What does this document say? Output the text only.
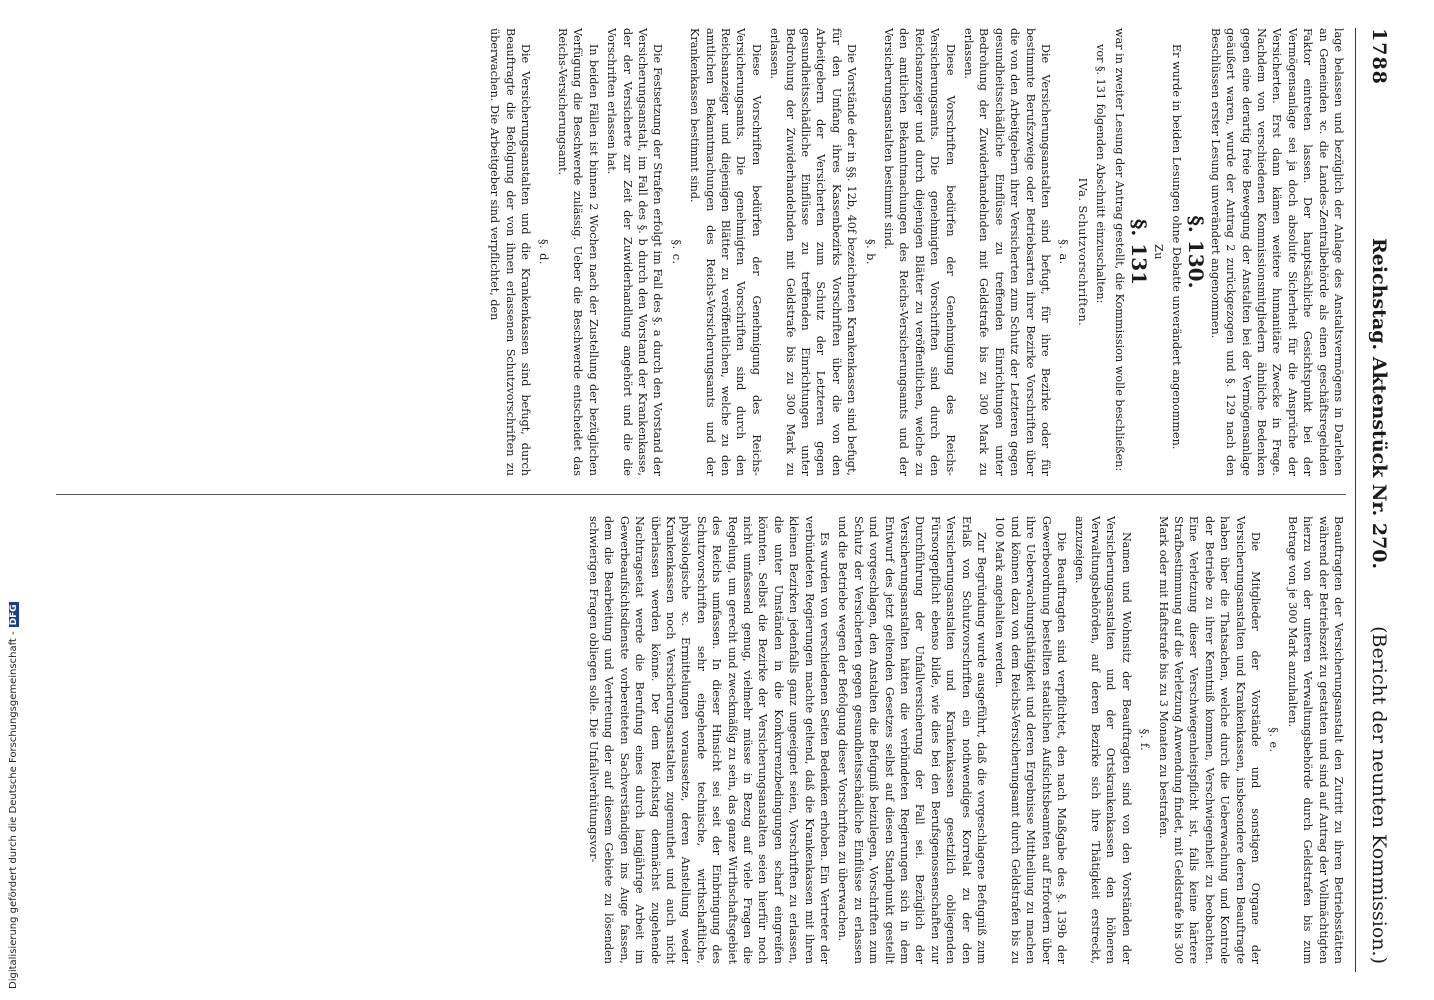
1788
Reichstag. Aktenstück Nr. 270.
(Bericht der neunten Kommission.)

lage belassen und bezüglich der Anlage des Anstaltsvermögens in Darlehen an Gemeinden ꝛc. die Landes-Zentralbehörde als einen geschäftsregelnden Faktor eintreten lassen. Der hauptsächliche Gesichtspunkt bei der Vermögensanlage sei ja doch absolute Sicherheit für die Ansprüche der Versicherten. Erst dann kämen weitere humanitäre Zwecke in Frage. Nachdem von verschiedenen Kommissionsmitgliedern ähnliche Bedenken gegen eine derartig freie Bewegung der Anstalten bei der Vermögensanlage geäußert waren, wurde der Antrag 2 zurückgezogen und §. 129 nach den Beschlüssen erster Lesung unverändert angenommen.

§. 130.

Er wurde in beiden Lesungen ohne Debatte unverändert angenommen.

Zu
§. 131

war in zweiter Lesung der Antrag gestellt, die Kommission wolle beschließen:

vor §. 131 folgenden Abschnitt einzuschalten:

IVa. Schutzvorschriften.
§. a.

Die Versicherungsanstalten sind befugt, für ihre Bezirke oder für bestimmte Berufszweige oder Betriebsarten ihrer Bezirke Vorschriften über die von den Arbeitgebern ihrer Versicherten zum Schutz der Letzteren gegen gesundheitsschädliche Einflüsse zu treffenden Einrichtungen unter Bedrohung der Zuwiderhandelnden mit Geldstrafe bis zu 300 Mark zu erlassen.

Diese Vorschriften bedürfen der Genehmigung des Reichs-Versicherungsamts. Die genehmigten Vorschriften sind durch den Reichsanzeiger und durch diejenigen Blätter zu veröffentlichen, welche zu den amtlichen Bekanntmachungen des Reichs-Versicherungsamts und der Versicherungsanstalten bestimmt sind.

§. b.

Die Vorstände der in §§. 12b, 40f bezeichneten Krankenkassen sind befugt, für den Umfang ihres Kassenbezirks Vorschriften über die von den Arbeitgebern der Versicherten zum Schutz der Letzteren gegen gesundheitsschädliche Einflüsse zu treffenden Einrichtungen unter Bedrohung der Zuwiderhandelnden mit Geldstrafe bis zu 300 Mark zu erlassen.

Diese Vorschriften bedürfen der Genehmigung des Reichs-Versicherungsamts. Die genehmigten Vorschriften sind durch den Reichsanzeiger und diejenigen Blätter zu veröffentlichen, welche zu den amtlichen Bekanntmachungen des Reichs-Versicherungsamts und der Krankenkassen bestimmt sind.

§. c.

Die Festsetzung der Strafen erfolgt im Fall des §. a durch den Vorstand der Versicherungsanstalt, im Fall des §. b durch den Vorstand der Krankenkasse, der der Versicherte zur Zeit der Zuwiderhandlung angehört und die die Vorschriften erlassen hat.

In beiden Fällen ist binnen 2 Wochen nach der Zustellung der bezüglichen Verfügung die Beschwerde zulässig. Ueber die Beschwerde entscheidet das Reichs-Versicherungsamt.

§. d.

Die Versicherungsanstalten und die Krankenkassen sind befugt, durch Beauftragte die Befolgung der von ihnen erlassenen Schutzvorschriften zu überwachen. Die Arbeitgeber sind verpflichtet, den

Beauftragten der Versicherungsanstalt den Zutritt zu ihren Betriebsstätten während der Betriebszeit zu gestatten und sind auf Antrag der Vollmächtigten hierzu von der unteren Verwaltungsbehörde durch Geldstrafen bis zum Betrage von je 300 Mark anzuhalten.

§. e.

Die Mitglieder der Vorstände und sonstigen Organe der Versicherungsanstalten und Krankenkassen, insbesondere deren Beauftragte haben über die Thatsachen, welche durch die Ueberwachung und Kontrole der Betriebe zu ihrer Kenntniß kommen, Verschwiegenheit zu beobachten. Eine Verletzung dieser Verschwiegenheitspflicht ist, falls keine härtere Strafbestimmung auf die Verletzung Anwendung findet, mit Geldstrafe bis 300 Mark oder mit Haftstrafe bis zu 3 Monaten zu bestrafen.

§. f.

Namen und Wohnsitz der Beauftragten sind von den Vorständen der Versicherungsanstalten und der Ortskrankenkassen den höheren Verwaltungsbehörden, auf deren Bezirke sich ihre Thätigkeit erstreckt, anzuzeigen.

Die Beauftragten sind verpflichtet, den nach Maßgabe des §. 139b der Gewerbeordnung bestellten staatlichen Aufsichtsbeamten auf Erfordern über ihre Ueberwachungsthätigkeit und deren Ergebnisse Mittheilung zu machen und können dazu von dem Reichs-Versicherungsamt durch Geldstrafen bis zu 100 Mark angehalten werden.

Zur Begründung wurde ausgeführt, daß die vorgeschlagene Befugniß zum Erlaß von Schutzvorschriften ein nothwendiges Korrelat zu der den Versicherungsanstalten und Krankenkassen gesetzlich obliegenden Fürsorgepflicht ebenso bilde, wie dies bei den Berufsgenossenschaften zur Durchführung der Unfallversicherung der Fall sei. Bezüglich der Versicherungsanstalten hätten die verbündeten Regierungen sich in dem Entwurf des jetzt geltenden Gesetzes selbst auf diesen Standpunkt gestellt und vorgeschlagen, den Anstalten die Befugniß beizulegen, Vorschriften zum Schutz der Versicherten gegen gesundheitsschädliche Einflüsse zu erlassen und die Betriebe wegen der Befolgung dieser Vorschriften zu überwachen.

Es wurden von verschiedenen Seiten Bedenken erhoben. Ein Vertreter der verbündeten Regierungen machte geltend, daß die Krankenkassen mit ihren kleinen Bezirken jedenfalls ganz ungeeignet seien, Vorschriften zu erlassen, die unter Umständen in die Konkurrenzbedingungen scharf eingreifen könnten. Selbst die Bezirke der Versicherungsanstalten seien hierfür noch nicht umfassend genug, vielmehr müsse in Bezug auf viele Fragen die Regelung, um gerecht und zweckmäßig zu sein, das ganze Wirthschaftsgebiet des Reichs umfassen. In dieser Hinsicht sei seit der Einbringung des Schutzvorschriften sehr eingehende technische, wirthschaftliche, physiologische ꝛc. Ermittelungen voraussetze, deren Anstellung weder Krankenkassen noch Versicherungsanstalten zugemuthet und auch nicht überlassen werden könne. Der dem Reichstag demnächst zugehende Nachtragsetat werde die Berufung eines durch langjährige Arbeit im Gewerbeaufsichtsdienste vorbereiteten Sachverständigen ins Auge fassen, dem die Bearbeitung und Vertretung der auf diesem Gebiete zu lösenden schwierigen Fragen obliegen solle. Die Unfallverhütungsvor-

Digitalisierung gefördert durch die Deutsche Forschungsgemeinschaft -DFG
